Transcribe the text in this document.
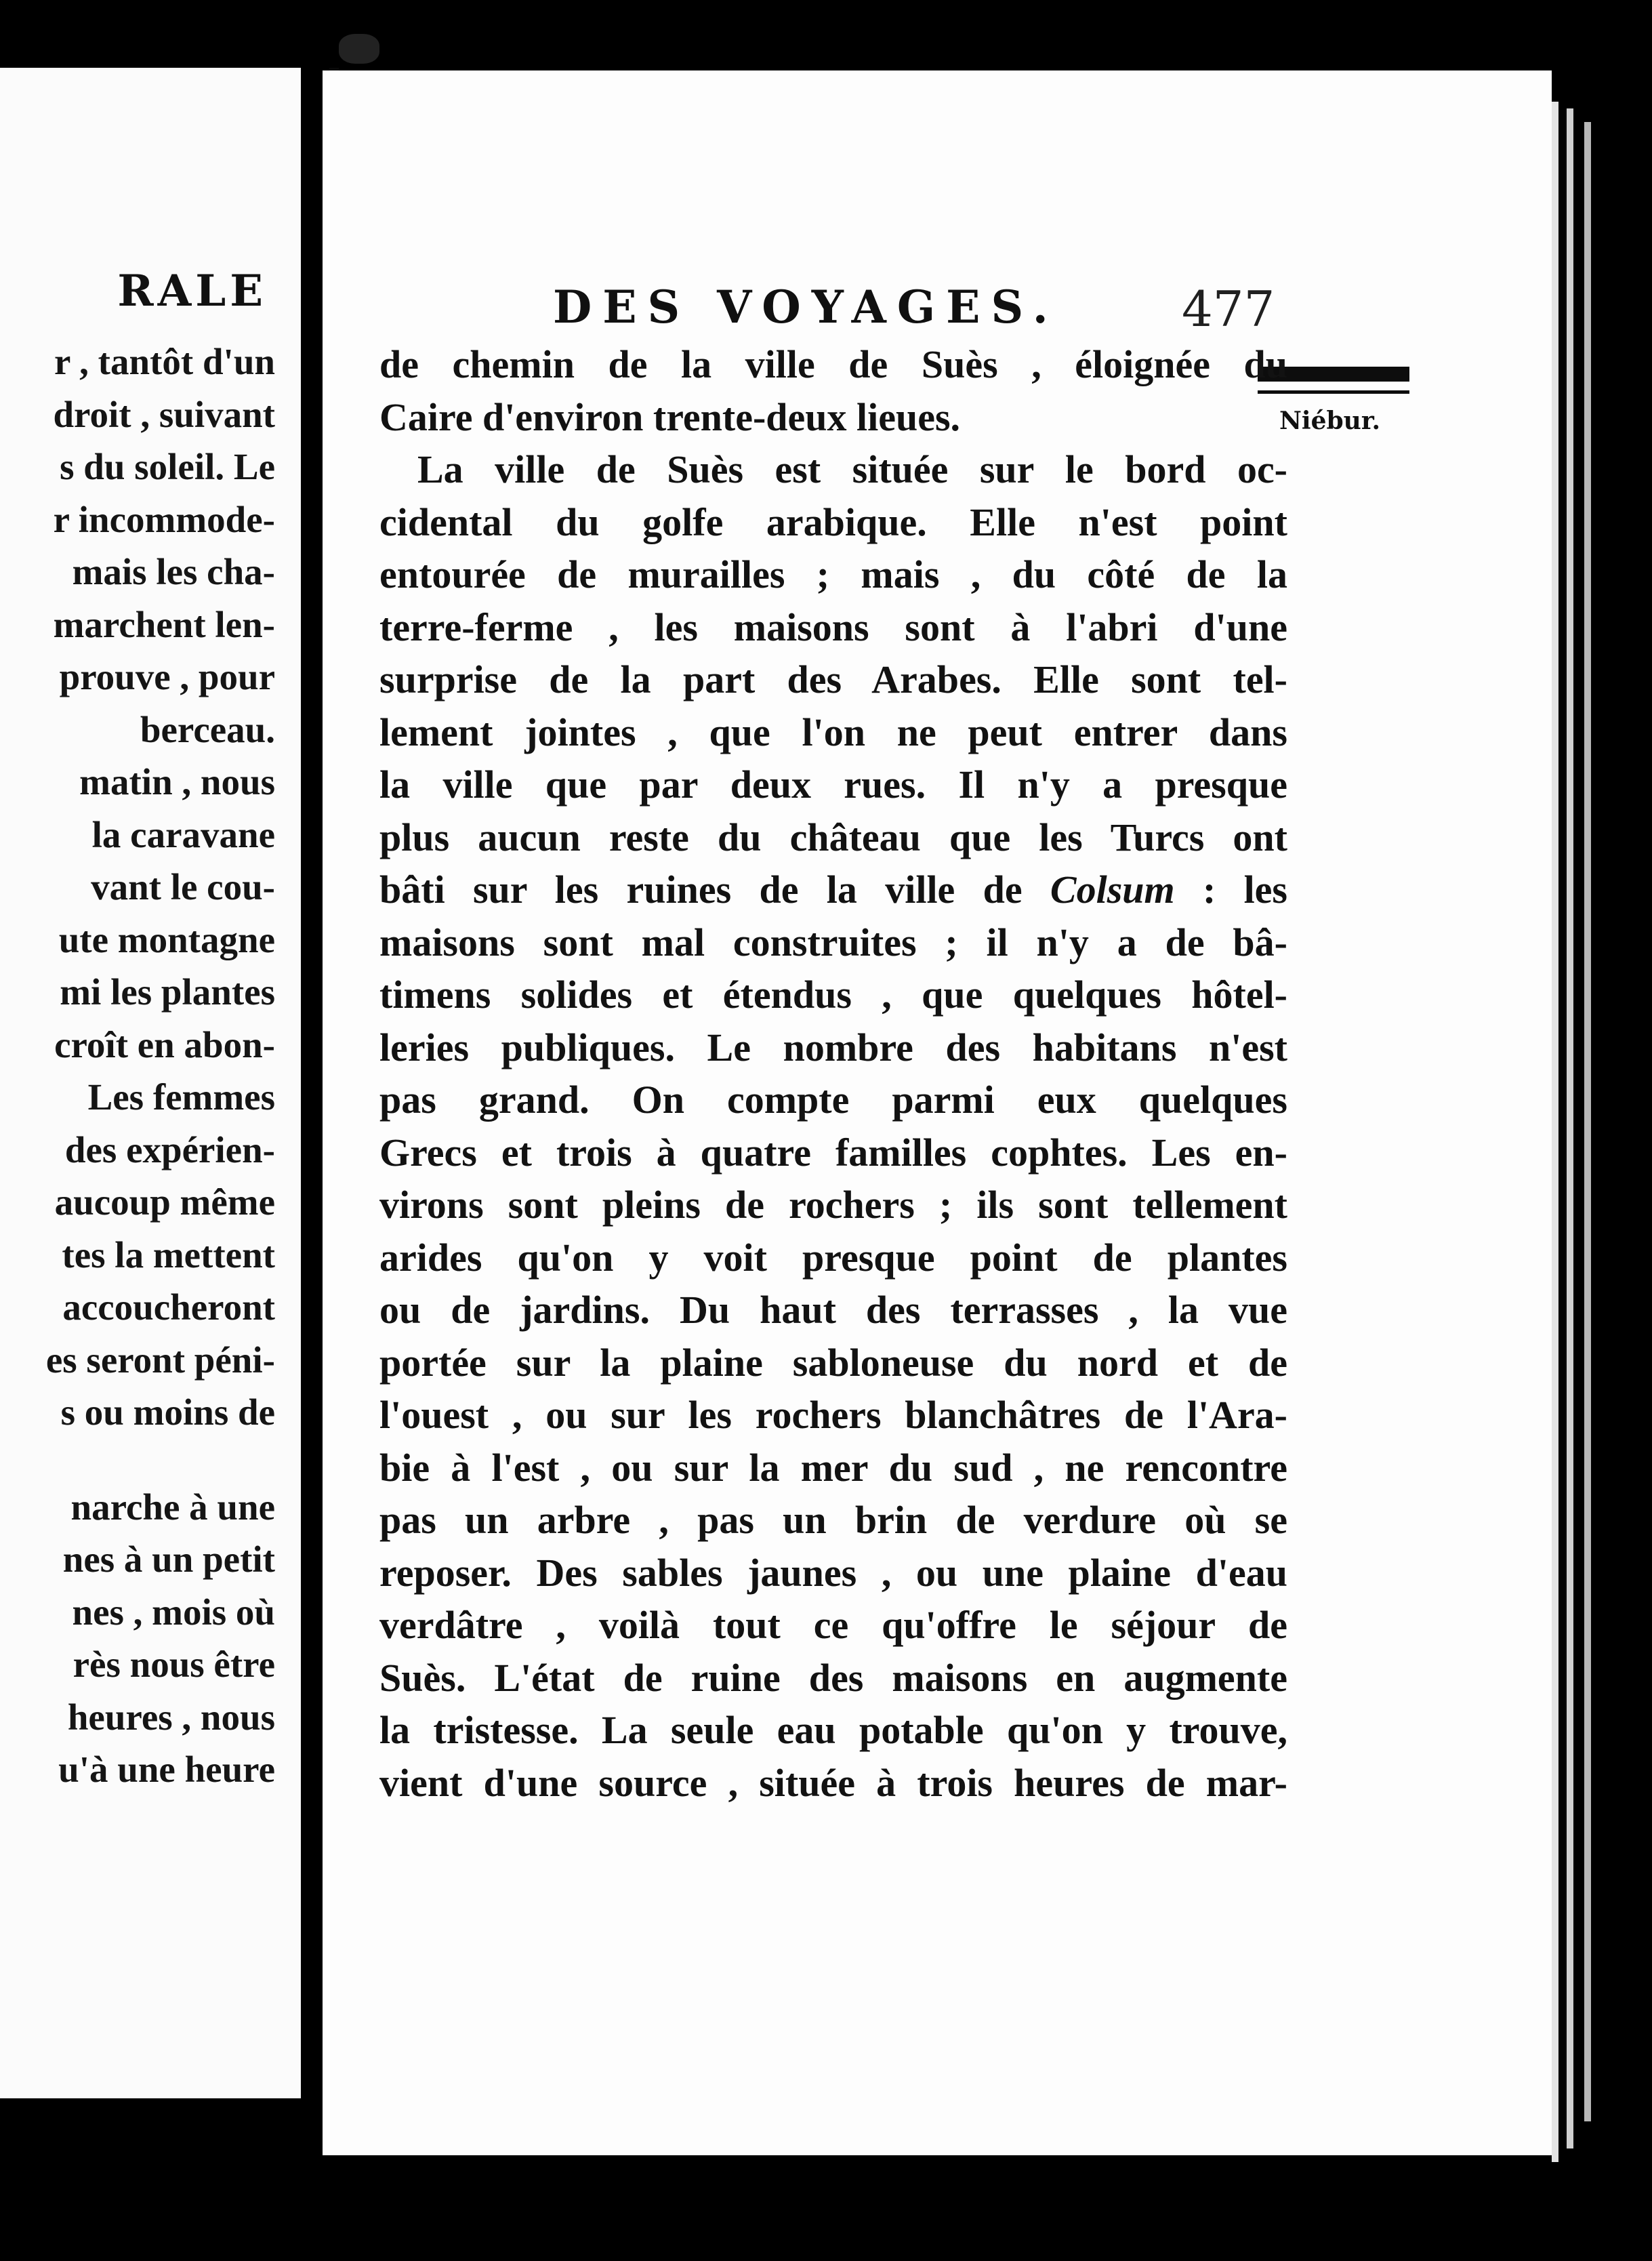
RALE
r , tantôt d'un
droit , suivant
s du soleil. Le
r incommode-
mais les cha-
marchent len-
prouve , pour
berceau.
matin , nous
la caravane
vant le cou-
ute montagne
mi les plantes
croît en abon-
Les femmes
des expérien-
aucoup même
tes la mettent
accoucheront
es seront péni-
s ou moins de
narche à une
nes à un petit
nes , mois où
rès nous être
heures , nous
u'à une heure
DES VOYAGES.	477
Niébur.
de chemin de la ville de Suès , éloignée du
Caire d'environ trente-deux lieues.
La ville de Suès est située sur le bord oc-
cidental du golfe arabique. Elle n'est point
entourée de murailles ; mais , du côté de la
terre-ferme , les maisons sont à l'abri d'une
surprise de la part des Arabes. Elle sont tel-
lement jointes , que l'on ne peut entrer dans
la ville que par deux rues. Il n'y a presque
plus aucun reste du château que les Turcs ont
bâti sur les ruines de la ville de Colsum : les
maisons sont mal construites ; il n'y a de bâ-
timens solides et étendus , que quelques hôtel-
leries publiques. Le nombre des habitans n'est
pas grand. On compte parmi eux quelques
Grecs et trois à quatre familles cophtes. Les en-
virons sont pleins de rochers ; ils sont tellement
arides qu'on y voit presque point de plantes
ou de jardins. Du haut des terrasses , la vue
portée sur la plaine sabloneuse du nord et de
l'ouest , ou sur les rochers blanchâtres de l'Ara-
bie à l'est , ou sur la mer du sud , ne rencontre
pas un arbre , pas un brin de verdure où se
reposer. Des sables jaunes , ou une plaine d'eau
verdâtre , voilà tout ce qu'offre le séjour de
Suès. L'état de ruine des maisons en augmente
la tristesse. La seule eau potable qu'on y trouve,
vient d'une source , située à trois heures de mar-
